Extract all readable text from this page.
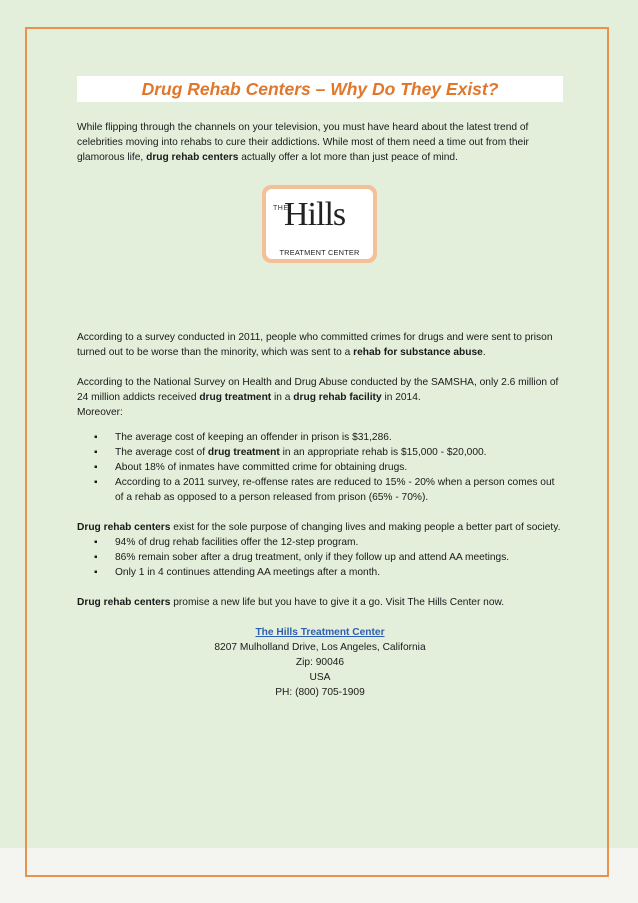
Drug Rehab Centers – Why Do They Exist?

While flipping through the channels on your television, you must have heard about the latest trend of celebrities moving into rehabs to cure their addictions. While most of them need a time out from their glamorous life, drug rehab centers actually offer a lot more than just peace of mind.

THE
Hills
TREATMENT CENTER

According to a survey conducted in 2011, people who committed crimes for drugs and were sent to prison turned out to be worse than the minority, which was sent to a rehab for substance abuse.

According to the National Survey on Health and Drug Abuse conducted by the SAMSHA, only 2.6 million of 24 million addicts received drug treatment in a drug rehab facility in 2014.

Moreover:

▪ The average cost of keeping an offender in prison is $31,286.
▪ The average cost of drug treatment in an appropriate rehab is $15,000 - $20,000.
▪ About 18% of inmates have committed crime for obtaining drugs.
▪ According to a 2011 survey, re-offense rates are reduced to 15% - 20% when a person comes out of a rehab as opposed to a person released from prison (65% - 70%).

Drug rehab centers exist for the sole purpose of changing lives and making people a better part of society.

▪ 94% of drug rehab facilities offer the 12-step program.
▪ 86% remain sober after a drug treatment, only if they follow up and attend AA meetings.
▪ Only 1 in 4 continues attending AA meetings after a month.

Drug rehab centers promise a new life but you have to give it a go. Visit The Hills Center now.

The Hills Treatment Center
8207 Mulholland Drive, Los Angeles, California
Zip: 90046
USA
PH: (800) 705-1909
